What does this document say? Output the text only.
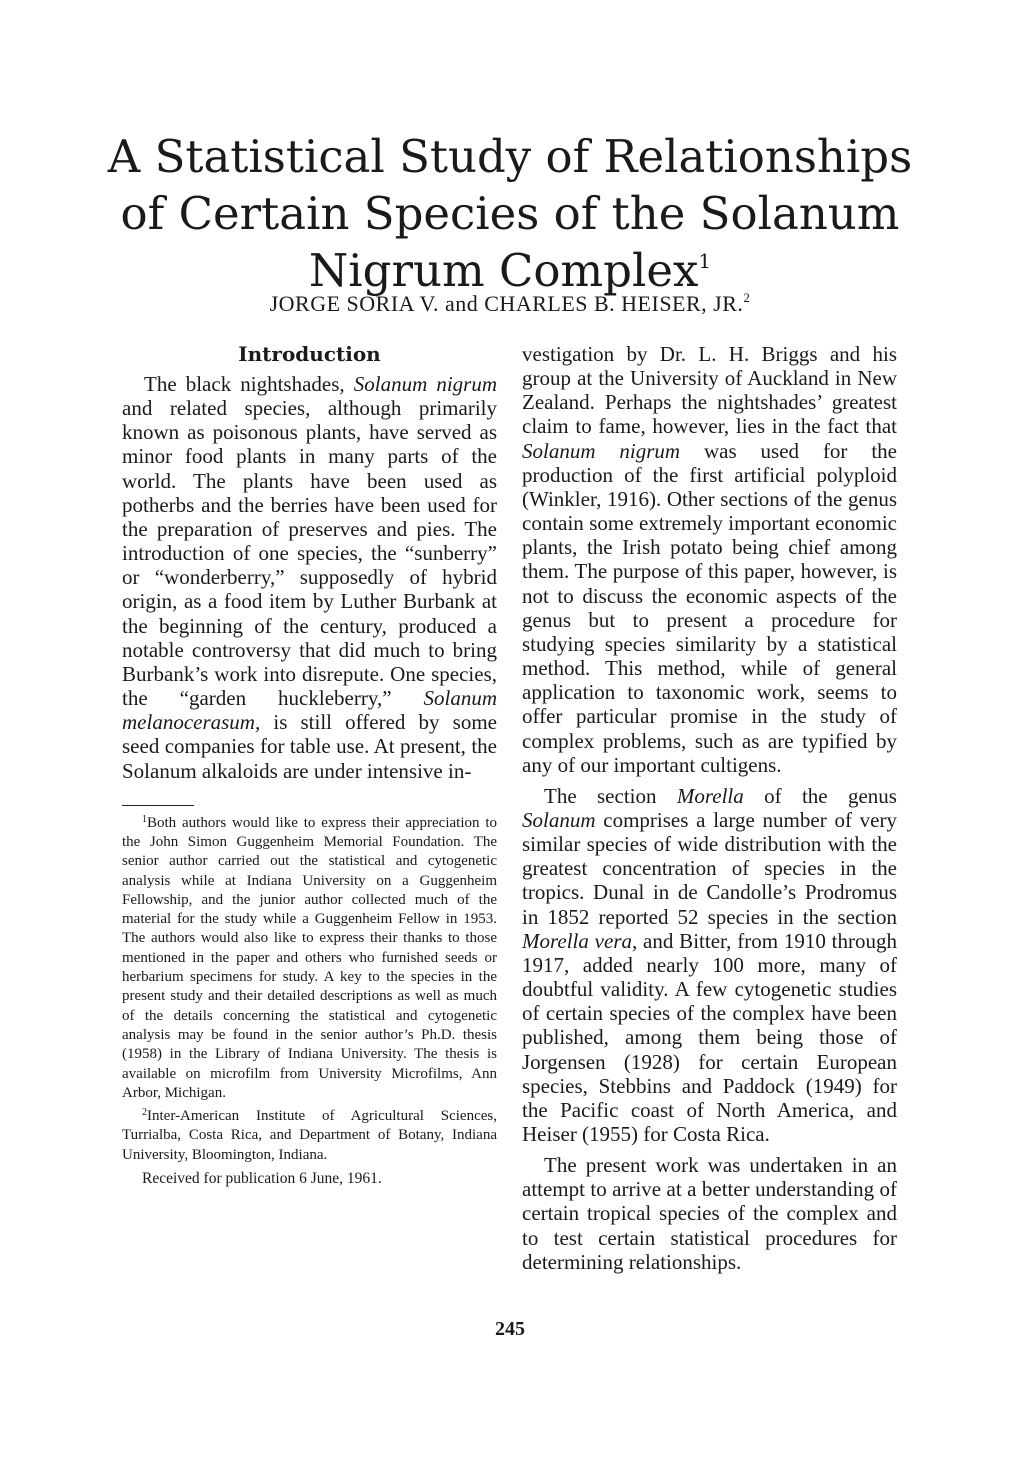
A Statistical Study of Relationships of Certain Species of the Solanum Nigrum Complex$^1$
JORGE SORIA V. and CHARLES B. HEISER, JR.$^2$
Introduction

The black nightshades, Solanum nigrum and related species, although primarily known as poisonous plants, have served as minor food plants in many parts of the world. The plants have been used as potherbs and the berries have been used for the preparation of preserves and pies. The introduction of one species, the “sunberry” or “wonderberry,” supposedly of hybrid origin, as a food item by Luther Burbank at the beginning of the century, produced a notable controversy that did much to bring Burbank’s work into disrepute. One species, the “garden huckleberry,” Solanum melanocerasum, is still offered by some seed companies for table use. At present, the Solanum alkaloids are under intensive in-

$^1$Both authors would like to express their appreciation to the John Simon Guggenheim Memorial Foundation. The senior author carried out the statistical and cytogenetic analysis while at Indiana University on a Guggenheim Fellowship, and the junior author collected much of the material for the study while a Guggenheim Fellow in 1953. The authors would also like to express their thanks to those mentioned in the paper and others who furnished seeds or herbarium specimens for study. A key to the species in the present study and their detailed descriptions as well as much of the details concerning the statistical and cytogenetic analysis may be found in the senior author’s Ph.D. thesis (1958) in the Library of Indiana University. The thesis is available on microfilm from University Microfilms, Ann Arbor, Michigan.

$^2$Inter-American Institute of Agricultural Sciences, Turrialba, Costa Rica, and Department of Botany, Indiana University, Bloomington, Indiana.

Received for publication 6 June, 1961.

vestigation by Dr. L. H. Briggs and his group at the University of Auckland in New Zealand. Perhaps the nightshades’ greatest claim to fame, however, lies in the fact that Solanum nigrum was used for the production of the first artificial polyploid (Winkler, 1916). Other sections of the genus contain some extremely important economic plants, the Irish potato being chief among them. The purpose of this paper, however, is not to discuss the economic aspects of the genus but to present a procedure for studying species similarity by a statistical method. This method, while of general application to taxonomic work, seems to offer particular promise in the study of complex problems, such as are typified by any of our important cultigens.

The section Morella of the genus Solanum comprises a large number of very similar species of wide distribution with the greatest concentration of species in the tropics. Dunal in de Candolle’s Prodromus in 1852 reported 52 species in the section Morella vera, and Bitter, from 1910 through 1917, added nearly 100 more, many of doubtful validity. A few cytogenetic studies of certain species of the complex have been published, among them being those of Jorgensen (1928) for certain European species, Stebbins and Paddock (1949) for the Pacific coast of North America, and Heiser (1955) for Costa Rica.

The present work was undertaken in an attempt to arrive at a better understanding of certain tropical species of the complex and to test certain statistical procedures for determining relationships.

245
